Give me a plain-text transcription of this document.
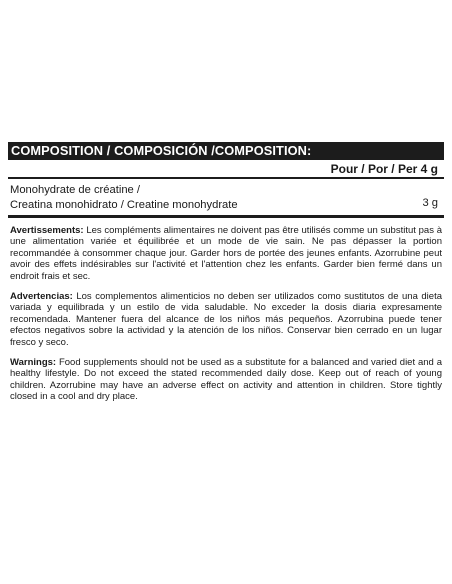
COMPOSITION / COMPOSICIÓN /COMPOSITION:
Pour / Por / Per 4 g
Monohydrate de créatine /
Creatina monohidrato / Creatine monohydrate	3 g

Avertissements: Les compléments alimentaires ne doivent pas être utilisés comme un substitut pas à une alimentation variée et équilibrée et un mode de vie sain. Ne pas dépasser la portion recommandée à consommer chaque jour. Garder hors de portée des jeunes enfants. Azorrubine peut avoir des effets indésirables sur l'activité et l'attention chez les enfants. Garder bien fermé dans un endroit frais et sec.

Advertencias: Los complementos alimenticios no deben ser utilizados como sustitutos de una dieta variada y equilibrada y un estilo de vida saludable. No exceder la dosis diaria expresamente recomendada. Mantener fuera del alcance de los niños más pequeños. Azorrubina puede tener efectos negativos sobre la actividad y la atención de los niños. Conservar bien cerrado en un lugar fresco y seco.

Warnings: Food supplements should not be used as a substitute for a balanced and varied diet and a healthy lifestyle. Do not exceed the stated recommended daily dose. Keep out of reach of young children. Azorrubine may have an adverse effect on activity and attention in children. Store tightly closed in a cool and dry place.
